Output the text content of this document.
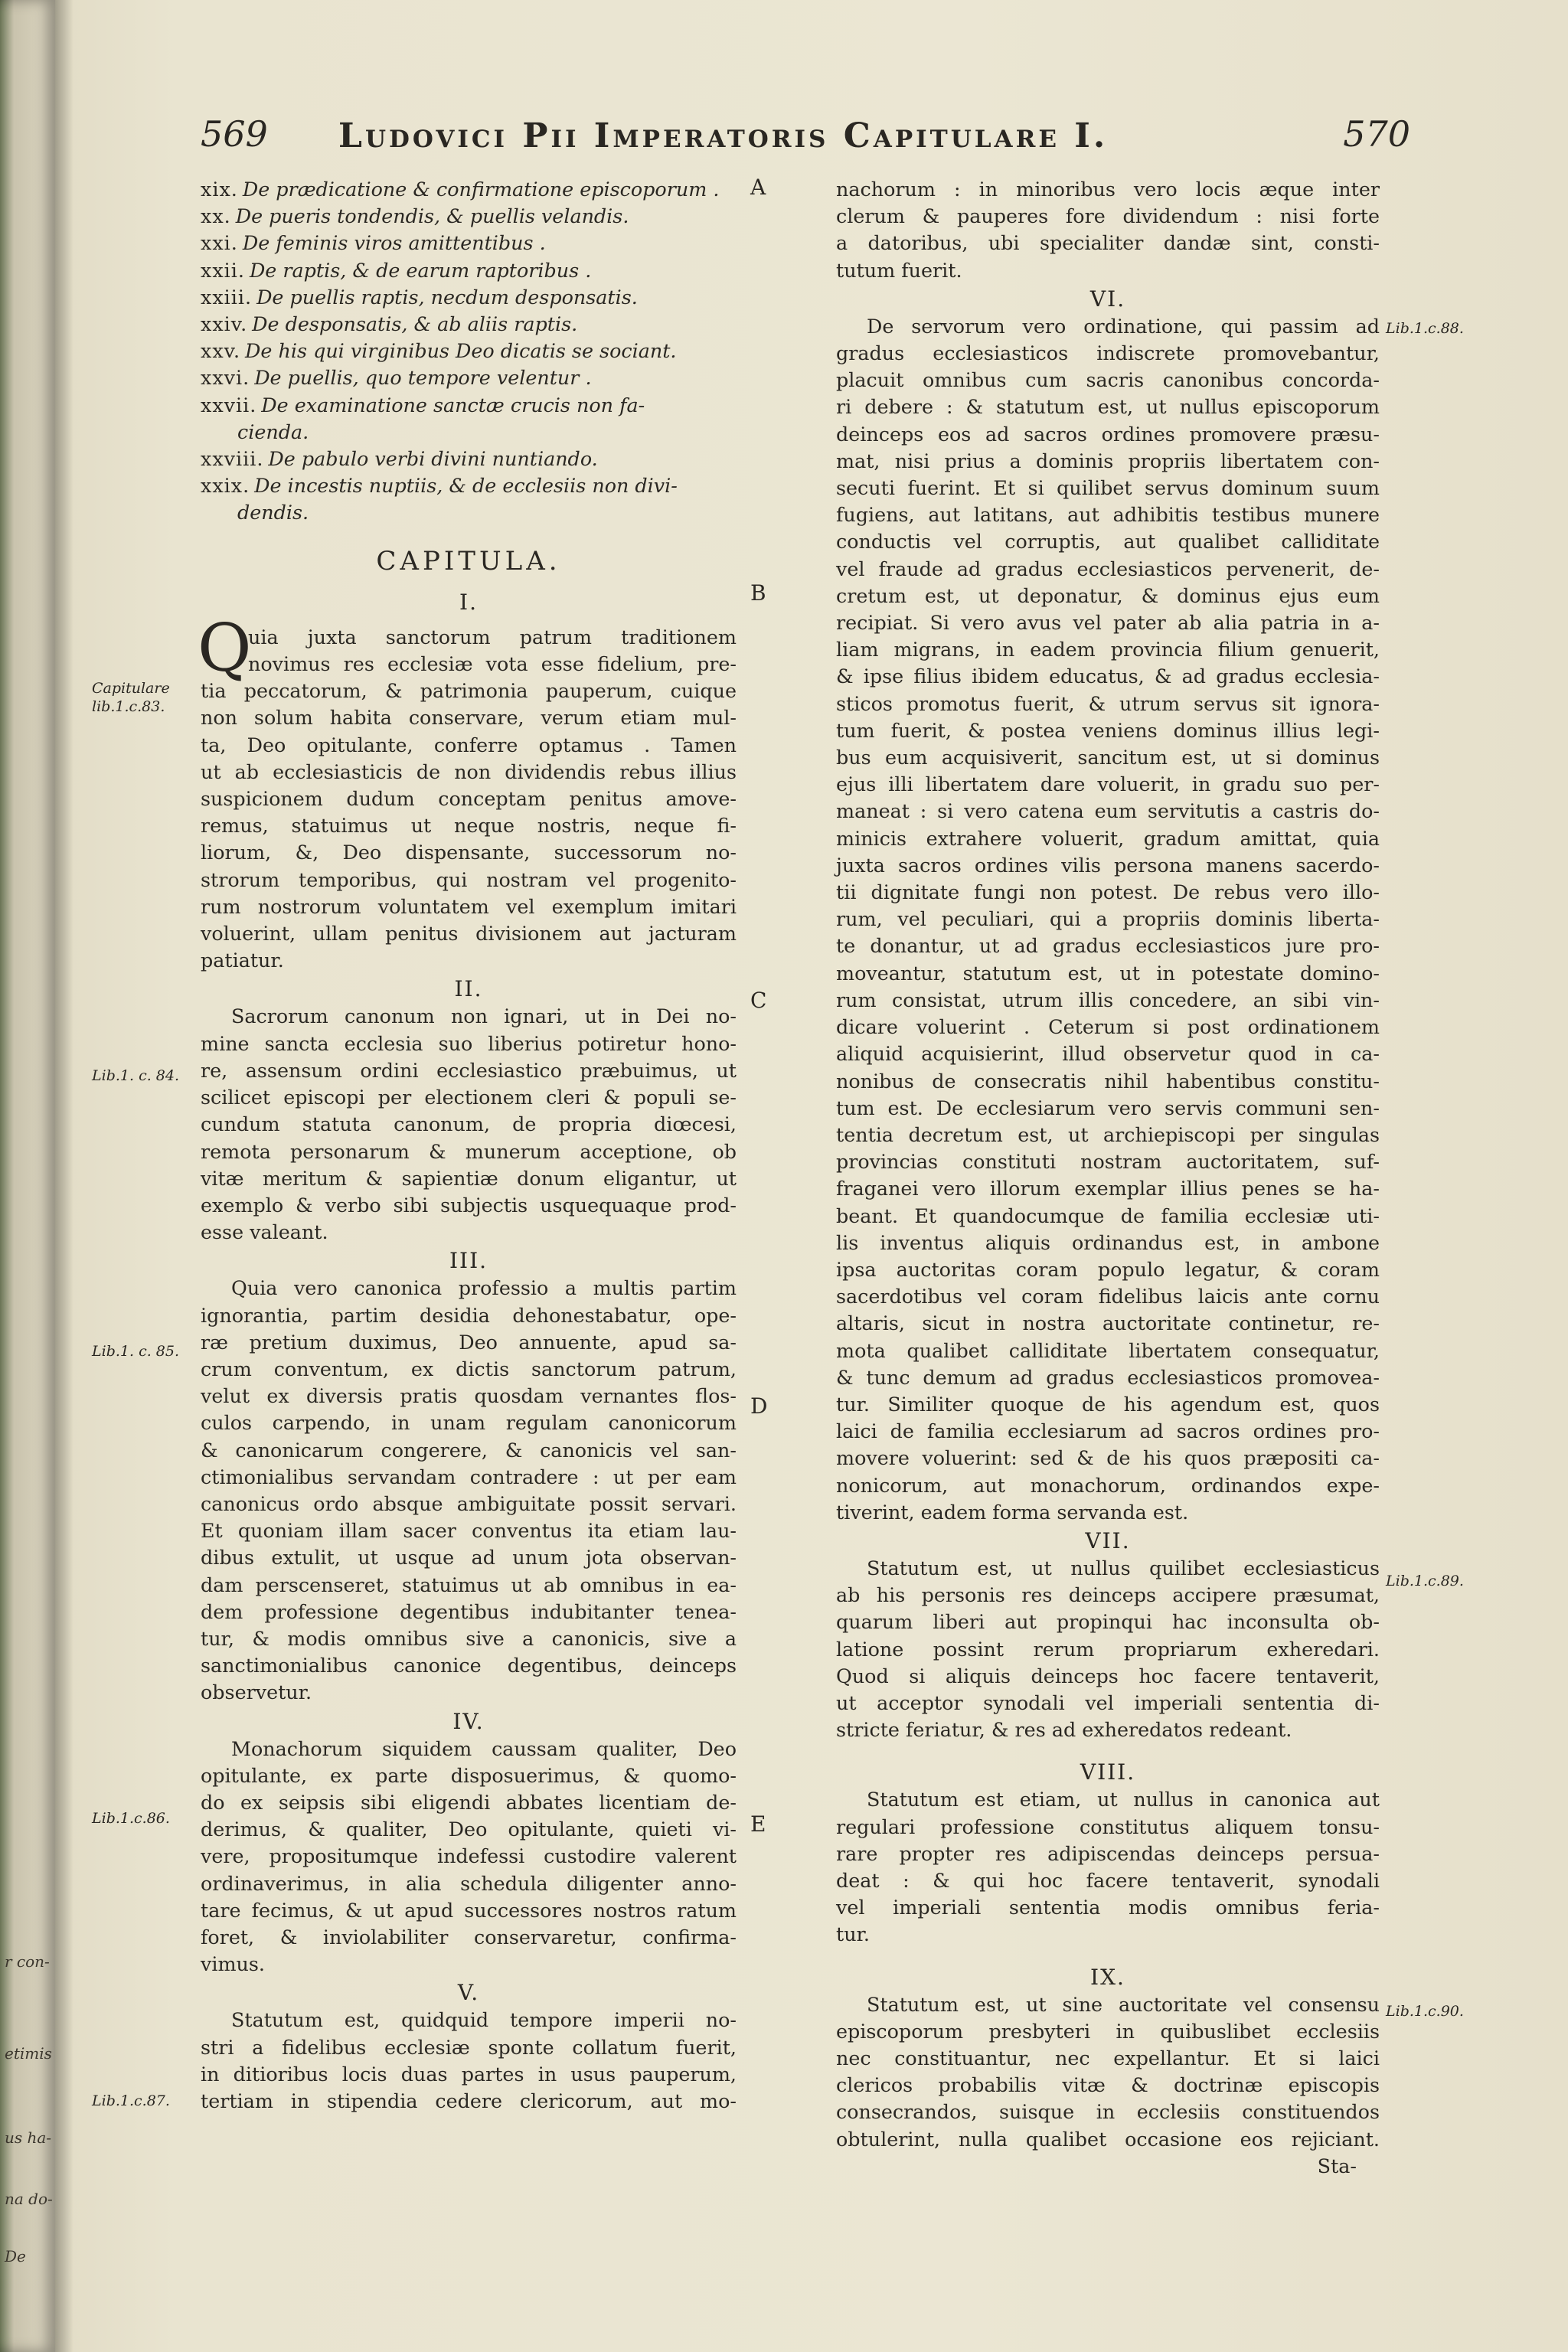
r con-
etimis
us ha-
na do-
De
569 Ludovici Pii Imperatoris Capitulare I.	570
Capitulare
lib.1.c.83.
Lib.1. c. 84.
Lib.1. c. 85.
Lib.1.c.86.
Lib.1.c.87.
Lib.1.c.88.
Lib.1.c.89.
Lib.1.c.90.
A
B
C
D
E
xix. De prædicatione & confirmatione episcoporum .
xx. De pueris tondendis, & puellis velandis.
xxi. De feminis viros amittentibus .
xxii. De raptis, & de earum raptoribus .
xxiii. De puellis raptis, necdum desponsatis.
xxiv. De desponsatis, & ab aliis raptis.
xxv. De his qui virginibus Deo dicatis se sociant.
xxvi. De puellis, quo tempore velentur .
xxvii. De examinatione sanctæ crucis non fa-
cienda.
xxviii. De pabulo verbi divini nuntiando.
xxix. De incestis nuptiis, & de ecclesiis non divi-
dendis.
CAPITULA.
I.
Q
uia juxta sanctorum patrum traditionem
novimus res ecclesiæ vota esse fidelium, pre-
tia peccatorum, & patrimonia pauperum, cuique
non solum habita conservare, verum etiam mul-
ta, Deo opitulante, conferre optamus . Tamen
ut ab ecclesiasticis de non dividendis rebus illius
suspicionem dudum conceptam penitus amove-
remus, statuimus ut neque nostris, neque fi-
liorum, &, Deo dispensante, successorum no-
strorum temporibus, qui nostram vel progenito-
rum nostrorum voluntatem vel exemplum imitari
voluerint, ullam penitus divisionem aut jacturam
patiatur.
II.
Sacrorum canonum non ignari, ut in Dei no-
mine sancta ecclesia suo liberius potiretur hono-
re, assensum ordini ecclesiastico præbuimus, ut
scilicet episcopi per electionem cleri & populi se-
cundum statuta canonum, de propria diœcesi,
remota personarum & munerum acceptione, ob
vitæ meritum & sapientiæ donum eligantur, ut
exemplo & verbo sibi subjectis usquequaque prod-
esse valeant.
III.
Quia vero canonica professio a multis partim
ignorantia, partim desidia dehonestabatur, ope-
ræ pretium duximus, Deo annuente, apud sa-
crum conventum, ex dictis sanctorum patrum,
velut ex diversis pratis quosdam vernantes flos-
culos carpendo, in unam regulam canonicorum
& canonicarum congerere, & canonicis vel san-
ctimonialibus servandam contradere : ut per eam
canonicus ordo absque ambiguitate possit servari.
Et quoniam illam sacer conventus ita etiam lau-
dibus extulit, ut usque ad unum jota observan-
dam perscenseret, statuimus ut ab omnibus in ea-
dem professione degentibus indubitanter tenea-
tur, & modis omnibus sive a canonicis, sive a
sanctimonialibus canonice degentibus, deinceps
observetur.
IV.
Monachorum siquidem caussam qualiter, Deo
opitulante, ex parte disposuerimus, & quomo-
do ex seipsis sibi eligendi abbates licentiam de-
derimus, & qualiter, Deo opitulante, quieti vi-
vere, propositumque indefessi custodire valerent
ordinaverimus, in alia schedula diligenter anno-
tare fecimus, & ut apud successores nostros ratum
foret, & inviolabiliter conservaretur, confirma-
vimus.
V.
Statutum est, quidquid tempore imperii no-
stri a fidelibus ecclesiæ sponte collatum fuerit,
in ditioribus locis duas partes in usus pauperum,
tertiam in stipendia cedere clericorum, aut mo-
nachorum : in minoribus vero locis æque inter
clerum & pauperes fore dividendum : nisi forte
a datoribus, ubi specialiter dandæ sint, consti-
tutum fuerit.
VI.
De servorum vero ordinatione, qui passim ad
gradus ecclesiasticos indiscrete promovebantur,
placuit omnibus cum sacris canonibus concorda-
ri debere : & statutum est, ut nullus episcoporum
deinceps eos ad sacros ordines promovere præsu-
mat, nisi prius a dominis propriis libertatem con-
secuti fuerint. Et si quilibet servus dominum suum
fugiens, aut latitans, aut adhibitis testibus munere
conductis vel corruptis, aut qualibet calliditate
vel fraude ad gradus ecclesiasticos pervenerit, de-
cretum est, ut deponatur, & dominus ejus eum
recipiat. Si vero avus vel pater ab alia patria in a-
liam migrans, in eadem provincia filium genuerit,
& ipse filius ibidem educatus, & ad gradus ecclesia-
sticos promotus fuerit, & utrum servus sit ignora-
tum fuerit, & postea veniens dominus illius legi-
bus eum acquisiverit, sancitum est, ut si dominus
ejus illi libertatem dare voluerit, in gradu suo per-
maneat : si vero catena eum servitutis a castris do-
minicis extrahere voluerit, gradum amittat, quia
juxta sacros ordines vilis persona manens sacerdo-
tii dignitate fungi non potest. De rebus vero illo-
rum, vel peculiari, qui a propriis dominis liberta-
te donantur, ut ad gradus ecclesiasticos jure pro-
moveantur, statutum est, ut in potestate domino-
rum consistat, utrum illis concedere, an sibi vin-
dicare voluerint . Ceterum si post ordinationem
aliquid acquisierint, illud observetur quod in ca-
nonibus de consecratis nihil habentibus constitu-
tum est. De ecclesiarum vero servis communi sen-
tentia decretum est, ut archiepiscopi per singulas
provincias constituti nostram auctoritatem, suf-
fraganei vero illorum exemplar illius penes se ha-
beant. Et quandocumque de familia ecclesiæ uti-
lis inventus aliquis ordinandus est, in ambone
ipsa auctoritas coram populo legatur, & coram
sacerdotibus vel coram fidelibus laicis ante cornu
altaris, sicut in nostra auctoritate continetur, re-
mota qualibet calliditate libertatem consequatur,
& tunc demum ad gradus ecclesiasticos promovea-
tur. Similiter quoque de his agendum est, quos
laici de familia ecclesiarum ad sacros ordines pro-
movere voluerint: sed & de his quos præpositi ca-
nonicorum, aut monachorum, ordinandos expe-
tiverint, eadem forma servanda est.
VII.
Statutum est, ut nullus quilibet ecclesiasticus
ab his personis res deinceps accipere præsumat,
quarum liberi aut propinqui hac inconsulta ob-
latione possint rerum propriarum exheredari.
Quod si aliquis deinceps hoc facere tentaverit,
ut acceptor synodali vel imperiali sententia di-
stricte feriatur, & res ad exheredatos redeant.
VIII.
Statutum est etiam, ut nullus in canonica aut
regulari professione constitutus aliquem tonsu-
rare propter res adipiscendas deinceps persua-
deat : & qui hoc facere tentaverit, synodali
vel imperiali sententia modis omnibus feria-
tur.
IX.
Statutum est, ut sine auctoritate vel consensu
episcoporum presbyteri in quibuslibet ecclesiis
nec constituantur, nec expellantur. Et si laici
clericos probabilis vitæ & doctrinæ episcopis
consecrandos, suisque in ecclesiis constituendos
obtulerint, nulla qualibet occasione eos rejiciant.
Sta-
